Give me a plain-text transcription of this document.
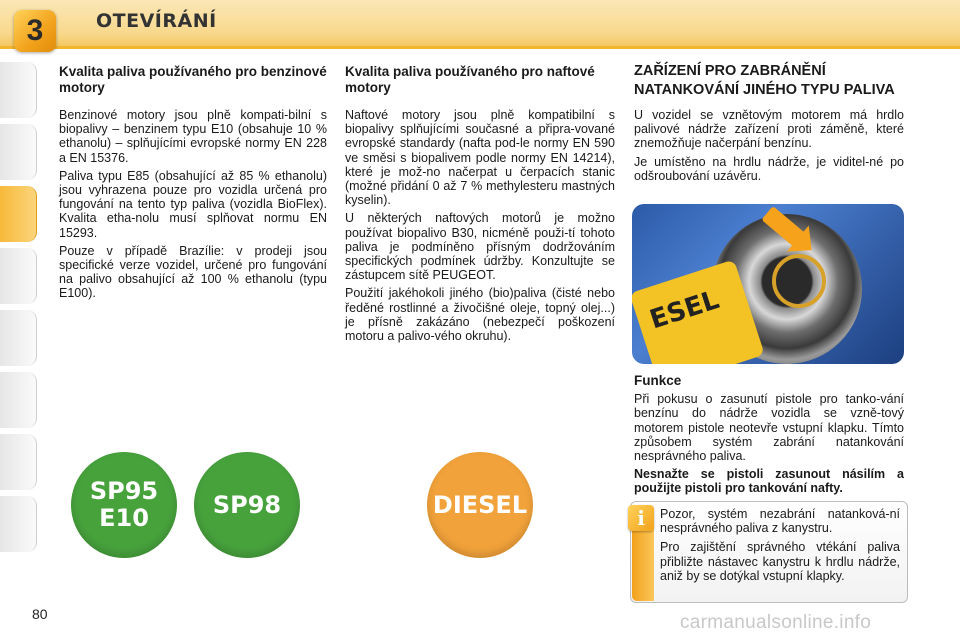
3	OTEVÍRÁNÍ
Kvalita paliva používaného pro benzinové motory

Benzinové motory jsou plně kompati-bilní s biopalivy – benzinem typu E10 (obsahuje 10 % ethanolu) – splňujícími evropské normy EN 228 a EN 15376.

Paliva typu E85 (obsahující až 85 % ethanolu) jsou vyhrazena pouze pro vozidla určená pro fungování na tento typ paliva (vozidla BioFlex). Kvalita etha-nolu musí splňovat normu EN 15293.

Pouze v případě Brazílie: v prodeji jsou specifické verze vozidel, určené pro fungování na palivo obsahující až 100 % ethanolu (typu E100).

Kvalita paliva používaného pro naftové motory

Naftové motory jsou plně kompatibilní s biopalivy splňujícími současné a připra-vované evropské standardy (nafta pod-le normy EN 590 ve směsi s biopalivem podle normy EN 14214), které je mož-no načerpat u čerpacích stanic (možné přidání 0 až 7 % methylesteru mastných kyselin).

U některých naftových motorů je možno používat biopalivo B30, nicméně použi-tí tohoto paliva je podmíněno přísným dodržováním specifických podmínek údržby. Konzultujte se zástupcem sítě PEUGEOT.

Použití jakéhokoli jiného (bio)paliva (čisté nebo ředěné rostlinné a živočišné oleje, topný olej...) je přísně zakázáno (nebezpečí poškození motoru a palivo-vého okruhu).

ZAŘÍZENÍ PRO ZABRÁNĚNÍ NATANKOVÁNÍ JINÉHO TYPU PALIVA

U vozidel se vznětovým motorem má hrdlo palivové nádrže zařízení proti záměně, které znemožňuje načerpání benzínu.

Je umístěno na hrdlu nádrže, je viditel-né po odšroubování uzávěru.

ESEL
Funkce

Při pokusu o zasunutí pistole pro tanko-vání benzínu do nádrže vozidla se vzně-tový motorem pistole neotevře vstupní klapku. Tímto způsobem systém zabrání natankování nesprávného paliva.

Nesnažte se pistoli zasunout násilím a použijte pistoli pro tankování nafty.

SP95
E10	SP98	DIESEL	i	Pozor, systém nezabrání natanková-ní nesprávného paliva z kanystru.

Pro zajištění správného vtékání paliva přibližte nástavec kanystru k hrdlu nádrže, aniž by se dotýkal vstupní klapky.

80	carmanualsonline.info
